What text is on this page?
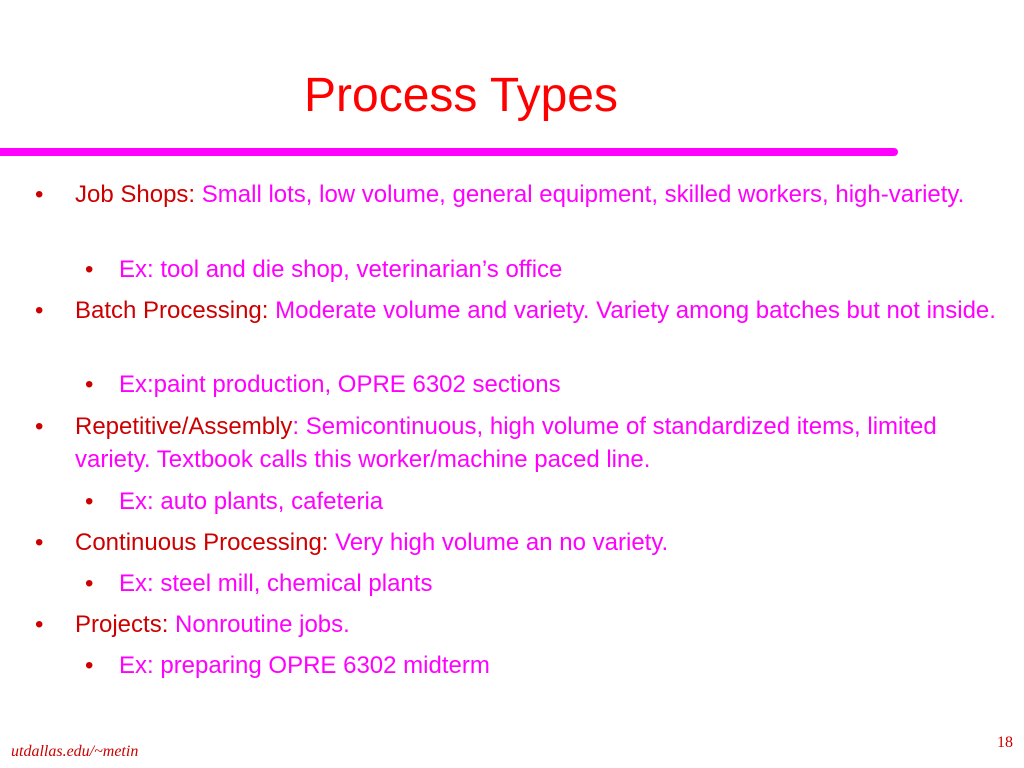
Process Types
• Job Shops: Small lots, low volume, general equipment, skilled workers, high-variety.
• Ex: tool and die shop, veterinarian’s office
• Batch Processing: Moderate volume and variety. Variety among batches but not inside.
• Ex:paint production, OPRE 6302 sections
• Repetitive/Assembly: Semicontinuous, high volume of standardized items, limited variety. Textbook calls this worker/machine paced line.
• Ex: auto plants, cafeteria
• Continuous Processing: Very high volume an no variety.
• Ex: steel mill, chemical plants
• Projects: Nonroutine jobs.
• Ex: preparing OPRE 6302 midterm
utdallas.edu/~metin
18
